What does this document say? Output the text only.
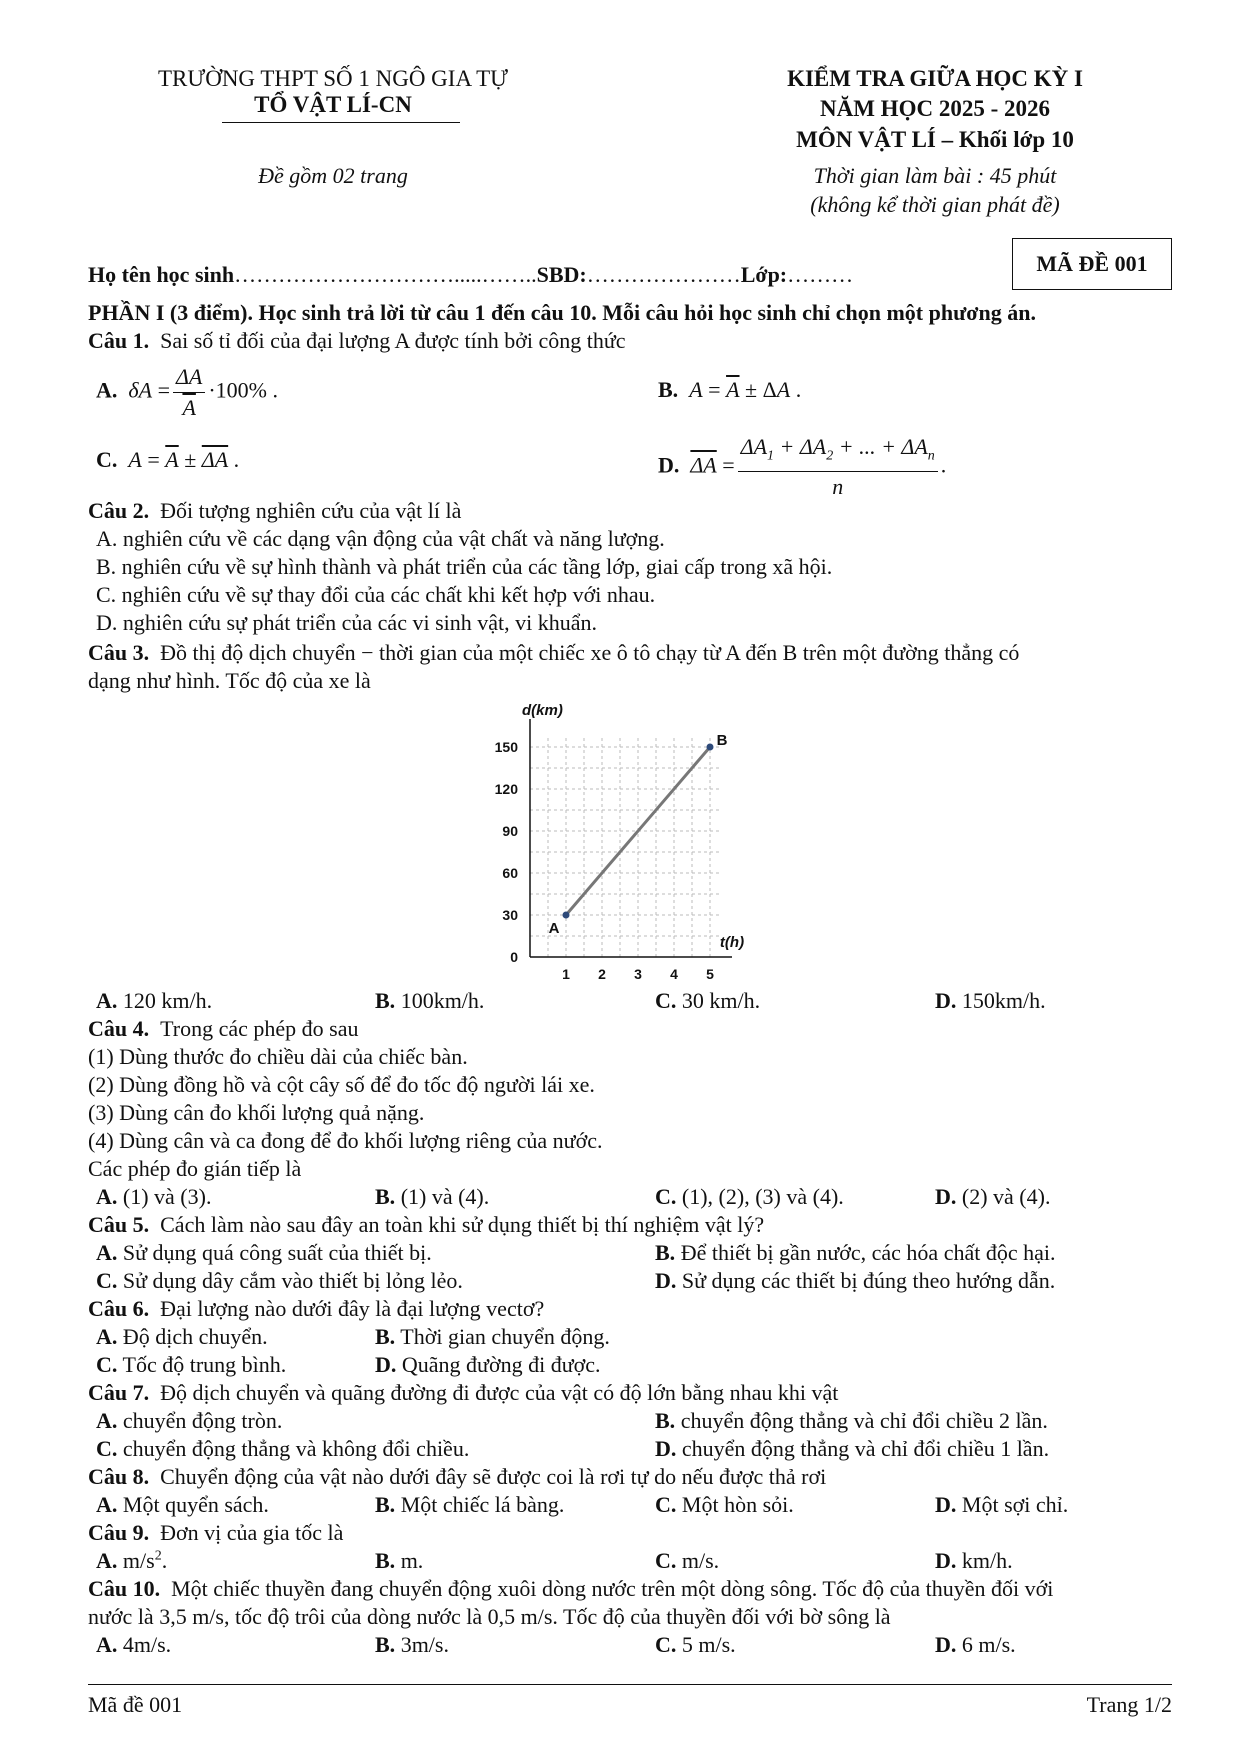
TRƯỜNG THPT SỐ 1 NGÔ GIA TỰ
TỔ VẬT LÍ-CN
Đề gồm 02 trang
KIỂM TRA GIỮA HỌC KỲ I
NĂM HỌC 2025 - 2026
MÔN VẬT LÍ – Khối lớp 10
Thời gian làm bài : 45 phút
(không kể thời gian phát đề)
Họ tên học sinh………………………….....……..SBD:…………………Lớp:………	MÃ ĐỀ 001
PHẦN I (3 điểm). Học sinh trả lời từ câu 1 đến câu 10. Mỗi câu hỏi học sinh chỉ chọn một phương án.
Câu 1. Sai số tỉ đối của đại lượng A được tính bởi công thức
A. $\delta A = \frac{\Delta A}{A} \cdot 100\%$ .	B. $A = \overline{A} \pm \Delta A$ .
C. $A = \overline{A} \pm \overline{\Delta A}$ .	D. $\overline{\Delta A} = \frac{\Delta A_1 + \Delta A_2 + ... + \Delta A_n}{n}$ .
Câu 2. Đối tượng nghiên cứu của vật lí là
A. nghiên cứu về các dạng vận động của vật chất và năng lượng.
B. nghiên cứu về sự hình thành và phát triển của các tầng lớp, giai cấp trong xã hội.
C. nghiên cứu về sự thay đổi của các chất khi kết hợp với nhau.
D. nghiên cứu sự phát triển của các vi sinh vật, vi khuẩn.
Câu 3. Đồ thị độ dịch chuyển − thời gian của một chiếc xe ô tô chạy từ A đến B trên một đường thẳng có
dạng như hình. Tốc độ của xe là
0
30
60
90
120
150
1 2 3 4 5
d(km)
t(h)
A
B
A. 120 km/h.	B. 100km/h.	C. 30 km/h.	D. 150km/h.
Câu 4. Trong các phép đo sau
(1) Dùng thước đo chiều dài của chiếc bàn.
(2) Dùng đồng hồ và cột cây số để đo tốc độ người lái xe.
(3) Dùng cân đo khối lượng quả nặng.
(4) Dùng cân và ca đong để đo khối lượng riêng của nước.
Các phép đo gián tiếp là
A. (1) và (3).	B. (1) và (4).	C. (1), (2), (3) và (4).	D. (2) và (4).
Câu 5. Cách làm nào sau đây an toàn khi sử dụng thiết bị thí nghiệm vật lý?
A. Sử dụng quá công suất của thiết bị.	B. Để thiết bị gần nước, các hóa chất độc hại.
C. Sử dụng dây cắm vào thiết bị lỏng lẻo.	D. Sử dụng các thiết bị đúng theo hướng dẫn.
Câu 6. Đại lượng nào dưới đây là đại lượng vectơ?
A. Độ dịch chuyển.	B. Thời gian chuyển động.
C. Tốc độ trung bình.	D. Quãng đường đi được.
Câu 7. Độ dịch chuyển và quãng đường đi được của vật có độ lớn bằng nhau khi vật
A. chuyển động tròn.	B. chuyển động thẳng và chỉ đổi chiều 2 lần.
C. chuyển động thẳng và không đổi chiều.	D. chuyển động thẳng và chỉ đổi chiều 1 lần.
Câu 8. Chuyển động của vật nào dưới đây sẽ được coi là rơi tự do nếu được thả rơi
A. Một quyển sách.	B. Một chiếc lá bàng.	C. Một hòn sỏi.	D. Một sợi chỉ.
Câu 9. Đơn vị của gia tốc là
A. $m/s^2$.	B. m.	C. m/s.	D. km/h.
Câu 10. Một chiếc thuyền đang chuyển động xuôi dòng nước trên một dòng sông. Tốc độ của thuyền đối với
nước là 3,5 m/s, tốc độ trôi của dòng nước là 0,5 m/s. Tốc độ của thuyền đối với bờ sông là
A. 4m/s.	B. 3m/s.	C. 5 m/s.	D. 6 m/s.
Mã đề 001	Trang 1/2
